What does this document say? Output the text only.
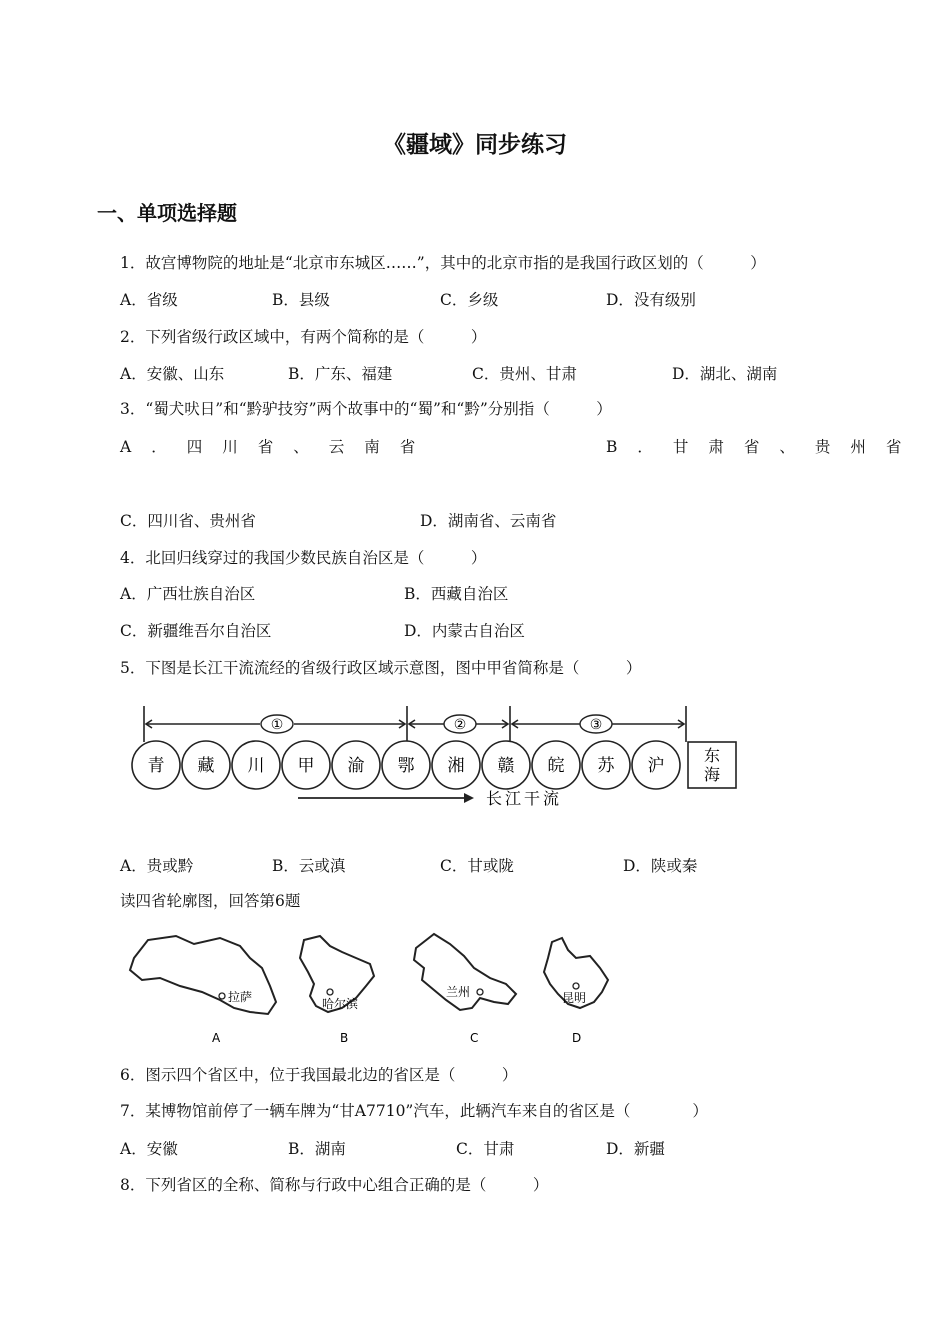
《疆域》同步练习
一、单项选择题
1．故宫博物院的地址是“北京市东城区……”，其中的北京市指的是我国行政区划的（　　　）
A．省级	B．县级	C．乡级	D．没有级别
2．下列省级行政区域中，有两个简称的是（　　　）
A．安徽、山东	B．广东、福建	C．贵州、甘肃	D．湖北、湖南
3．“蜀犬吠日”和“黔驴技穷”两个故事中的“蜀”和“黔”分别指（　　　）
A．四川省、云南省	B．甘肃省、贵州省
C．四川省、贵州省	D．湖南省、云南省
4．北回归线穿过的我国少数民族自治区是（　　　）
A．广西壮族自治区	B．西藏自治区
C．新疆维吾尔自治区	D．内蒙古自治区
5．下图是长江干流流经的省级行政区域示意图，图中甲省简称是（　　　）
①	②	③
青 藏 川 甲 渝 鄂 湘 赣 皖 苏 沪
东
海
长江干流
A．贵或黔	B．云或滇	C．甘或陇	D．陕或秦
读四省轮廓图，回答第6题
拉萨
A
哈尔滨
B
兰州
C
昆明
D
6．图示四个省区中，位于我国最北边的省区是（　　　）
7．某博物馆前停了一辆车牌为“甘A7710”汽车，此辆汽车来自的省区是（　　　　）
A．安徽	B．湖南	C．甘肃	D．新疆
8．下列省区的全称、简称与行政中心组合正确的是（　　　）
